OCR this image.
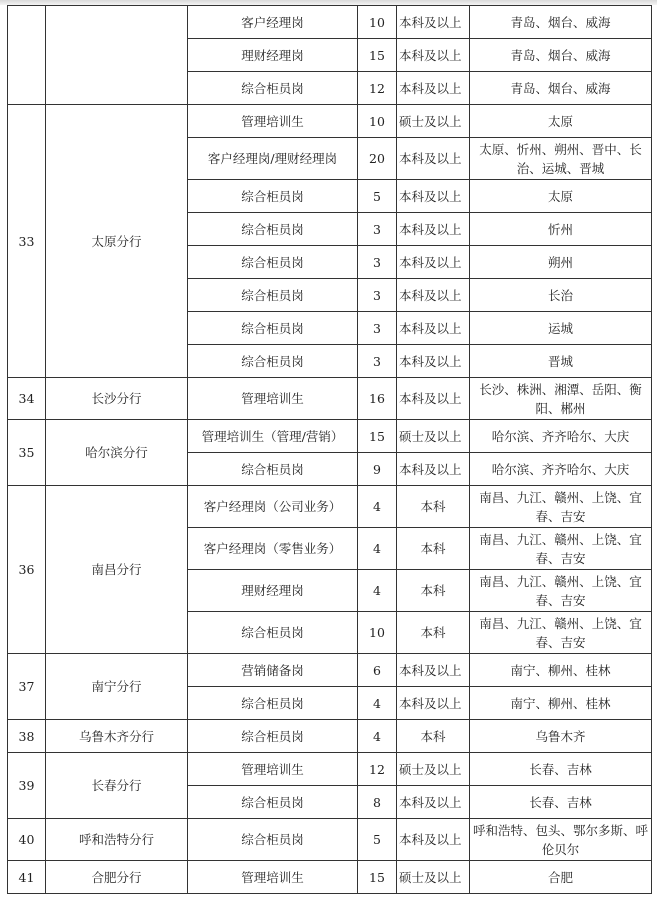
		客户经理岗	10	本科及以上	青岛、烟台、威海
		理财经理岗	15	本科及以上	青岛、烟台、威海
		综合柜员岗	12	本科及以上	青岛、烟台、威海
33	太原分行	管理培训生	10	硕士及以上	太原
		客户经理岗/理财经理岗	20	本科及以上	太原、忻州、朔州、晋中、长治、运城、晋城
		综合柜员岗	5	本科及以上	太原
		综合柜员岗	3	本科及以上	忻州
		综合柜员岗	3	本科及以上	朔州
		综合柜员岗	3	本科及以上	长治
		综合柜员岗	3	本科及以上	运城
		综合柜员岗	3	本科及以上	晋城
34	长沙分行	管理培训生	16	本科及以上	长沙、株洲、湘潭、岳阳、衡阳、郴州
35	哈尔滨分行	管理培训生（管理/营销）	15	硕士及以上	哈尔滨、齐齐哈尔、大庆
		综合柜员岗	9	本科及以上	哈尔滨、齐齐哈尔、大庆
36	南昌分行	客户经理岗（公司业务）	4	本科	南昌、九江、赣州、上饶、宜春、吉安
		客户经理岗（零售业务）	4	本科	南昌、九江、赣州、上饶、宜春、吉安
		理财经理岗	4	本科	南昌、九江、赣州、上饶、宜春、吉安
		综合柜员岗	10	本科	南昌、九江、赣州、上饶、宜春、吉安
37	南宁分行	营销储备岗	6	本科及以上	南宁、柳州、桂林
		综合柜员岗	4	本科及以上	南宁、柳州、桂林
38	乌鲁木齐分行	综合柜员岗	4	本科	乌鲁木齐
39	长春分行	管理培训生	12	硕士及以上	长春、吉林
		综合柜员岗	8	本科及以上	长春、吉林
40	呼和浩特分行	综合柜员岗	5	本科及以上	呼和浩特、包头、鄂尔多斯、呼伦贝尔
41	合肥分行	管理培训生	15	硕士及以上	合肥
